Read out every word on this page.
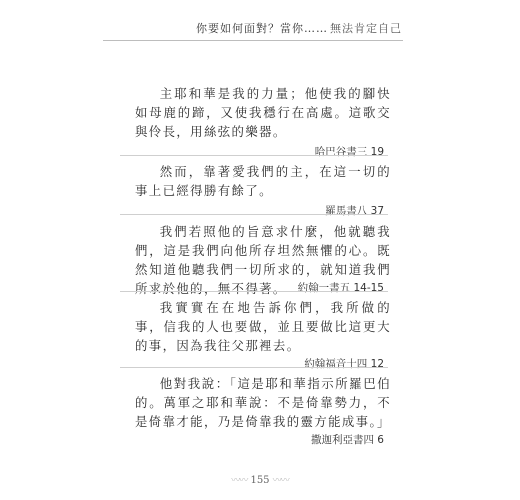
你要如何面對？當你…… 無法肯定自己

主耶和華是我的力量；他使我的腳快如母鹿的蹄，又使我穩行在高處。這歌交與伶長，用絲弦的樂器。

哈巴谷書三 19

然而，靠著愛我們的主，在這一切的事上已經得勝有餘了。

羅馬書八 37

我們若照他的旨意求什麼，他就聽我們，這是我們向他所存坦然無懼的心。既然知道他聽我們一切所求的，就知道我們所求於他的，無不得著。	約翰一書五 14-15

我實實在在地告訴你們，我所做的事，信我的人也要做，並且要做比這更大的事，因為我往父那裡去。

約翰福音十四 12

他對我說：「這是耶和華指示所羅巴伯的。萬軍之耶和華說：不是倚靠勢力，不是倚靠才能，乃是倚靠我的靈方能成事。」

撒迦利亞書四 6
〰〰 155 〰〰
